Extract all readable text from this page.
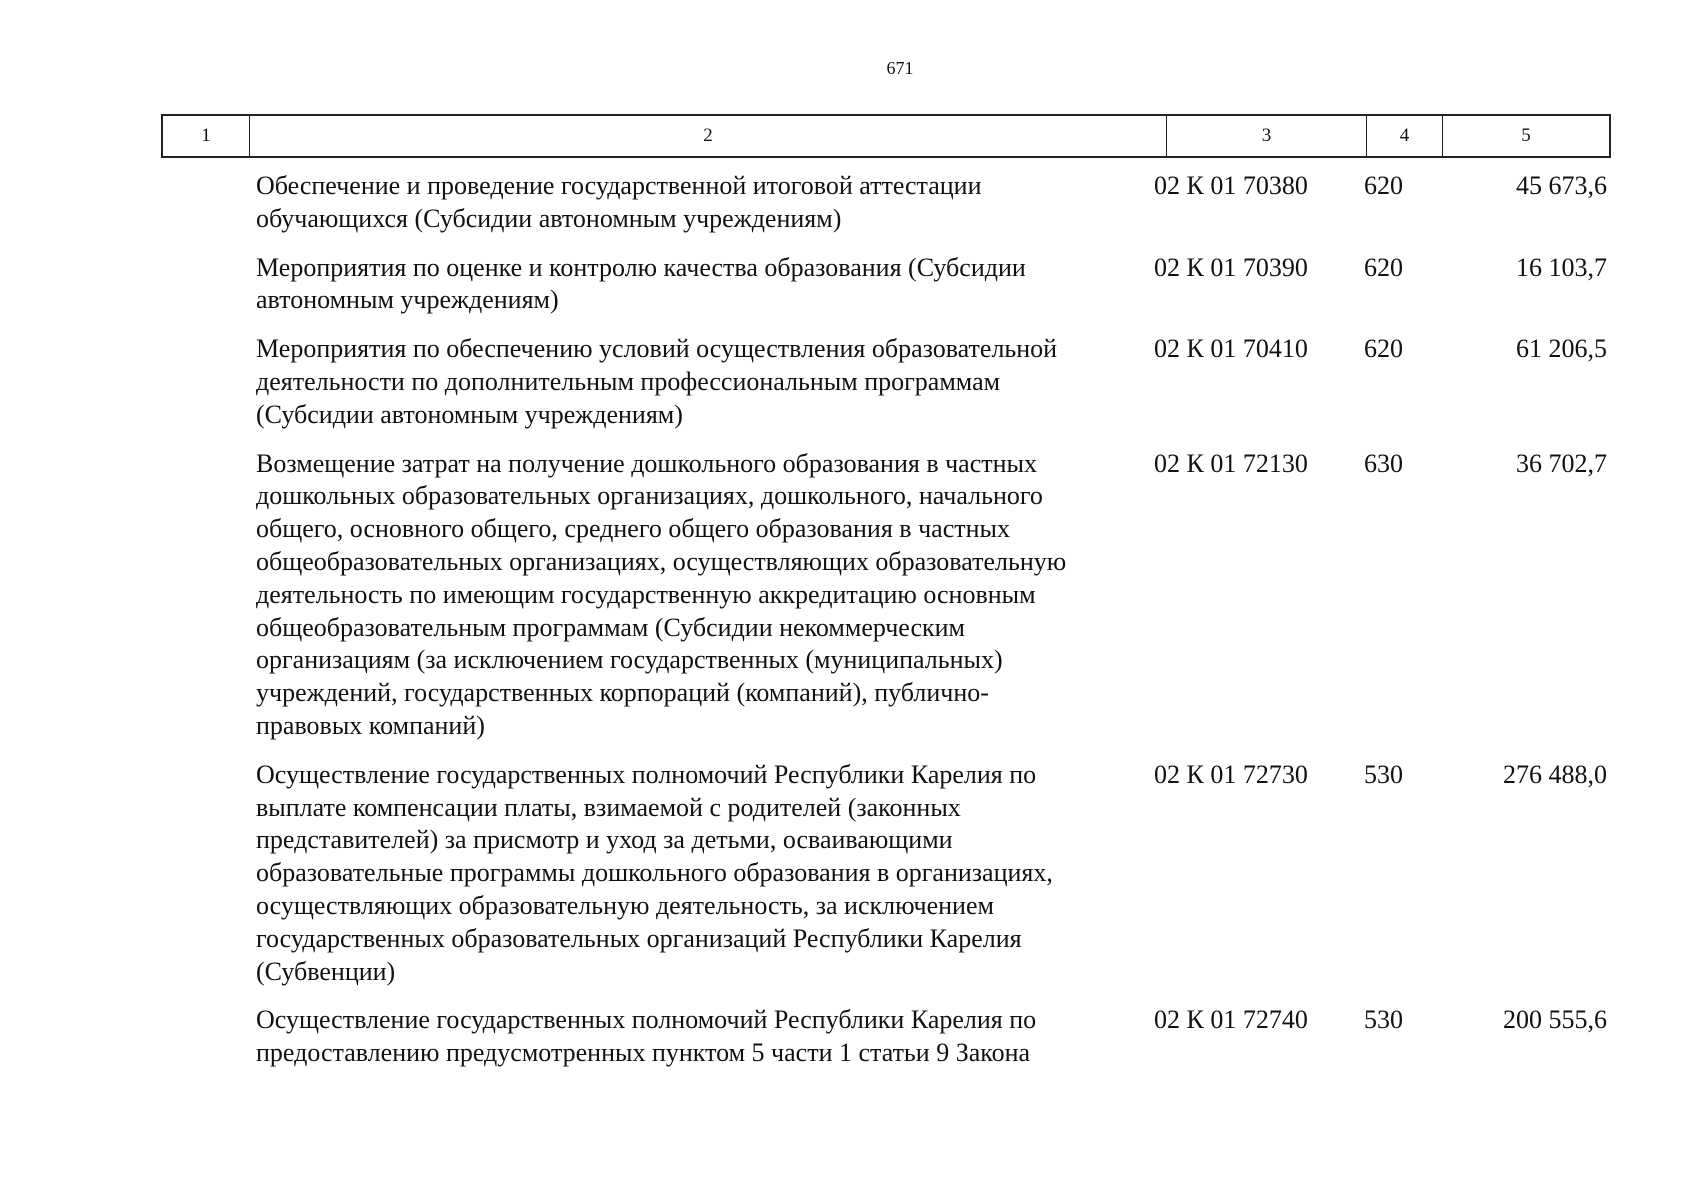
671
1	2	3	4	5
Обеспечение и проведение государственной итоговой аттестации
обучающихся (Субсидии автономным учреждениям)
02 К 01 70380	620	45 673,6
Мероприятия по оценке и контролю качества образования (Субсидии
автономным учреждениям)
02 К 01 70390	620	16 103,7
Мероприятия по обеспечению условий осуществления образовательной
деятельности по дополнительным профессиональным программам
(Субсидии автономным учреждениям)
02 К 01 70410	620	61 206,5
Возмещение затрат на получение дошкольного образования в частных
дошкольных образовательных организациях, дошкольного, начального
общего, основного общего, среднего общего образования в частных
общеобразовательных организациях, осуществляющих образовательную
деятельность по имеющим государственную аккредитацию основным
общеобразовательным программам (Субсидии некоммерческим
организациям (за исключением государственных (муниципальных)
учреждений, государственных корпораций (компаний), публично-
правовых компаний)
02 К 01 72130	630	36 702,7
Осуществление государственных полномочий Республики Карелия по
выплате компенсации платы, взимаемой с родителей (законных
представителей) за присмотр и уход за детьми, осваивающими
образовательные программы дошкольного образования в организациях,
осуществляющих образовательную деятельность, за исключением
государственных образовательных организаций Республики Карелия
(Субвенции)
02 К 01 72730	530	276 488,0
Осуществление государственных полномочий Республики Карелия по
предоставлению предусмотренных пунктом 5 части 1 статьи 9 Закона
02 К 01 72740	530	200 555,6
